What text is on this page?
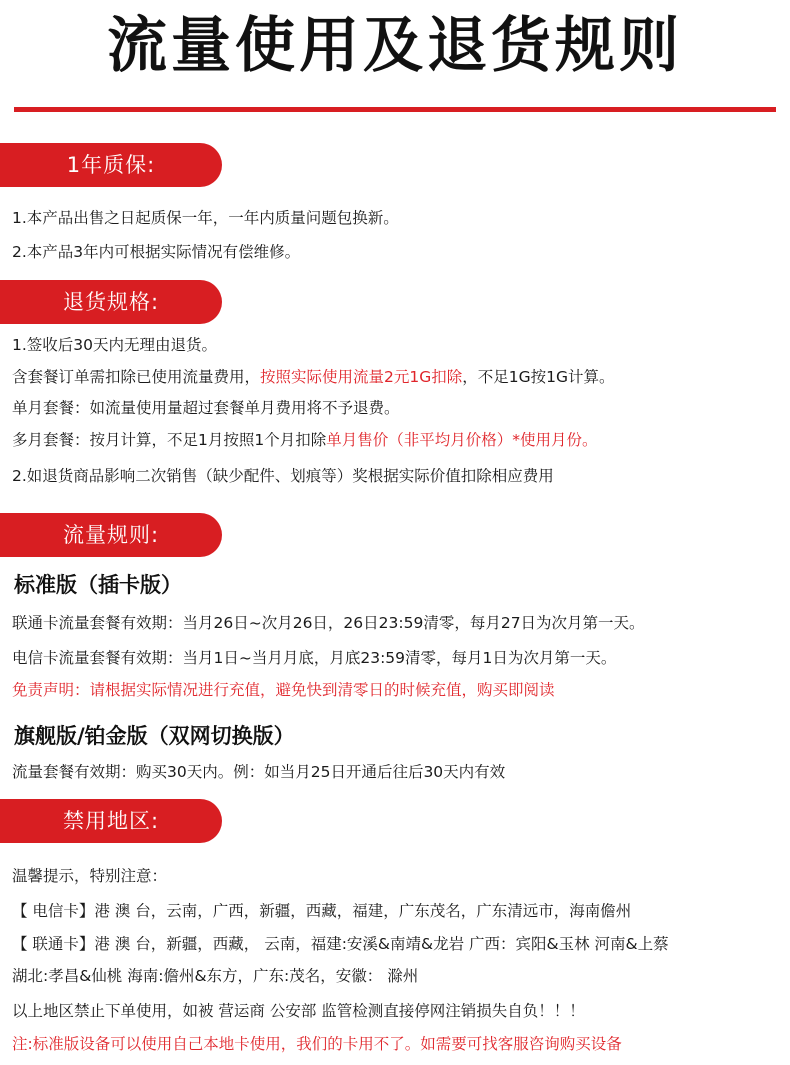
流量使用及退货规则
1年质保:
1.本产品出售之日起质保一年，一年内质量问题包换新。
2.本产品3年内可根据实际情况有偿维修。
退货规格:
1.签收后30天内无理由退货。
含套餐订单需扣除已使用流量费用，按照实际使用流量2元1G扣除，不足1G按1G计算。
单月套餐：如流量使用量超过套餐单月费用将不予退费。
多月套餐：按月计算，不足1月按照1个月扣除单月售价（非平均月价格）*使用月份。
2.如退货商品影响二次销售（缺少配件、划痕等）奖根据实际价值扣除相应费用
流量规则:
标准版（插卡版）
联通卡流量套餐有效期：当月26日~次月26日，26日23:59清零，每月27日为次月第一天。
电信卡流量套餐有效期：当月1日~当月月底，月底23:59清零，每月1日为次月第一天。
免责声明：请根据实际情况进行充值，避免快到清零日的时候充值，购买即阅读
旗舰版/铂金版（双网切换版）
流量套餐有效期：购买30天内。例：如当月25日开通后往后30天内有效
禁用地区:
温馨提示，特别注意：
【 电信卡】港 澳 台，云南，广西，新疆，西藏，福建，广东茂名，广东清远市，海南儋州
【 联通卡】港 澳 台，新疆，西藏， 云南，福建:安溪&南靖&龙岩 广西：宾阳&玉林 河南&上蔡
湖北:孝昌&仙桃 海南:儋州&东方，广东:茂名，安徽： 滁州
以上地区禁止下单使用，如被 营运商 公安部 监管检测直接停网注销损失自负！！！
注:标准版设备可以使用自己本地卡使用，我们的卡用不了。如需要可找客服咨询购买设备
